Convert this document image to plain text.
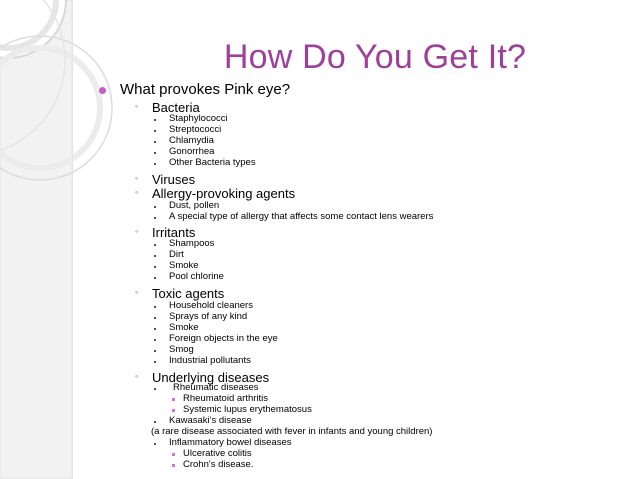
How Do You Get It?
What provokes Pink eye?
◦ Bacteria
Staphylococci
Streptococci
Chlamydia
Gonorrhea
Other Bacteria types
◦ Viruses
◦ Allergy-provoking agents
Dust, pollen
A special type of allergy that affects some contact lens wearers
◦ Irritants
Shampoos
Dirt
Smoke
Pool chlorine
◦ Toxic agents
Household cleaners
Sprays of any kind
Smoke
Foreign objects in the eye
Smog
Industrial pollutants
◦ Underlying diseases
Rheumatic diseases
Rheumatoid arthritis
Systemic lupus erythematosus
Kawasaki's disease
(a rare disease associated with fever in infants and young children)
Inflammatory bowel diseases
Ulcerative colitis
Crohn's disease.
